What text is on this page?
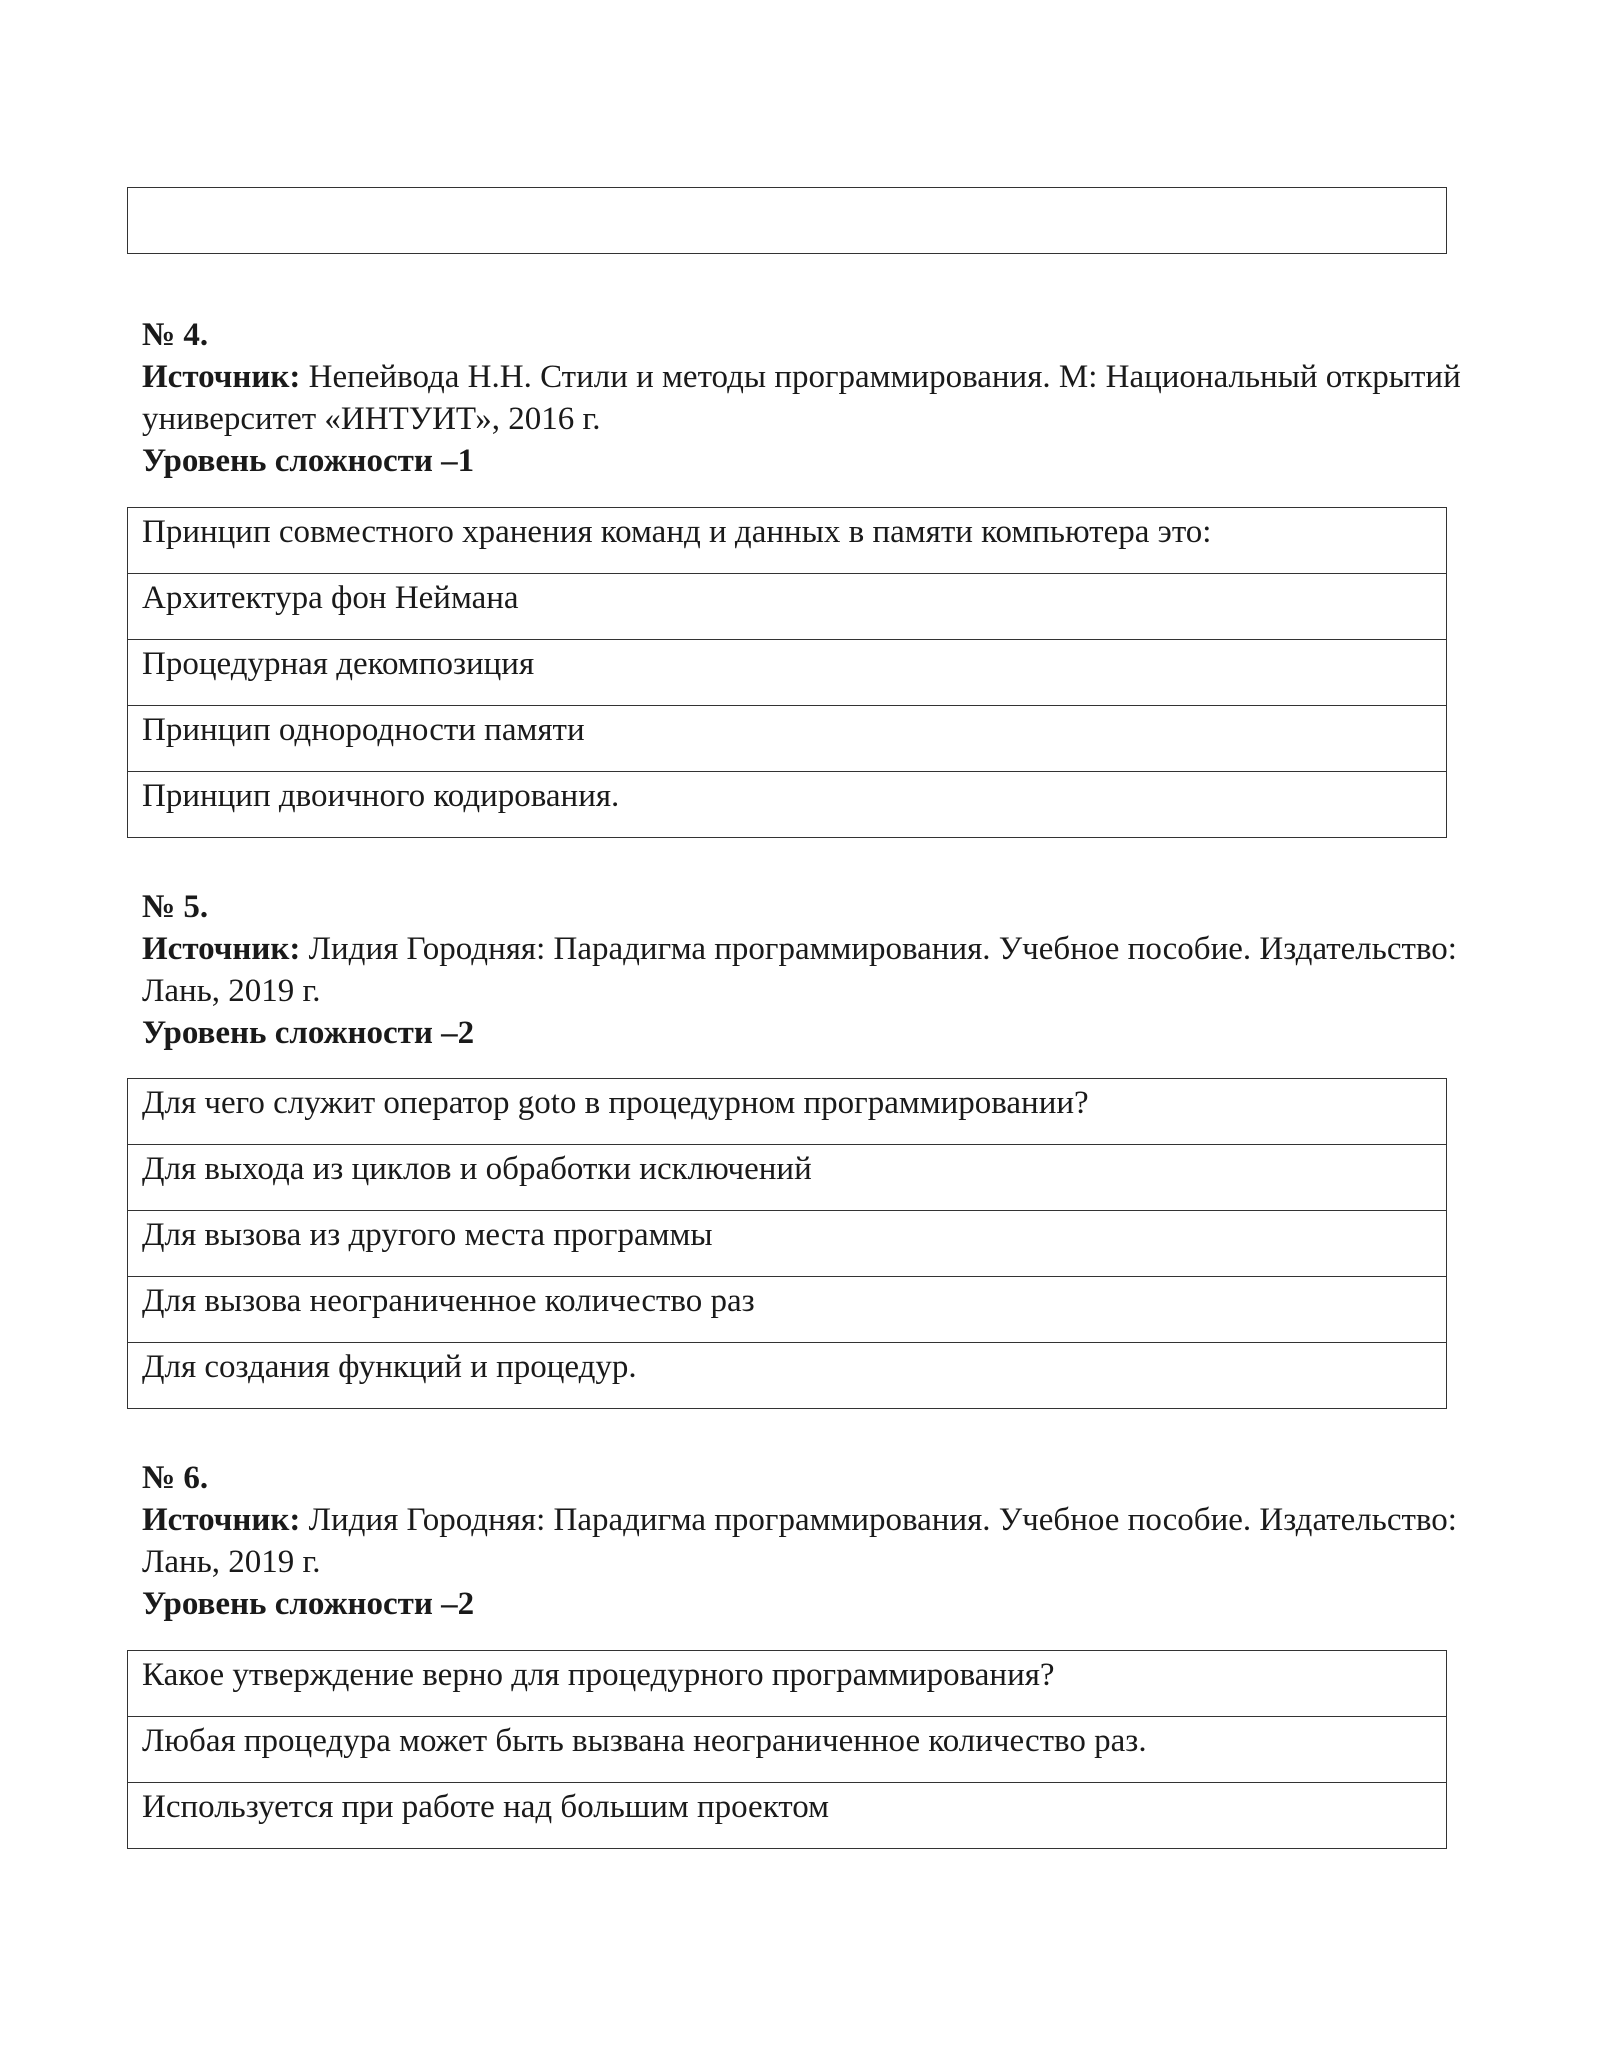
№ 4.
Источник: Непейвода Н.Н. Стили и методы программирования. М: Национальный открытий университет «ИНТУИТ», 2016 г.
Уровень сложности –1
Принцип совместного хранения команд и данных в памяти компьютера это:
Архитектура фон Неймана
Процедурная декомпозиция
Принцип однородности памяти
Принцип двоичного кодирования.
№ 5.
Источник: Лидия Городняя: Парадигма программирования. Учебное пособие. Издательство: Лань, 2019 г.
Уровень сложности –2
Для чего служит оператор goto в процедурном программировании?
Для выхода из циклов и обработки исключений
Для вызова из другого места программы
Для вызова неограниченное количество раз
Для создания функций и процедур.
№ 6.
Источник: Лидия Городняя: Парадигма программирования. Учебное пособие. Издательство: Лань, 2019 г.
Уровень сложности –2
Какое утверждение верно для процедурного программирования?
Любая процедура может быть вызвана неограниченное количество раз.
Используется при работе над большим проектом
